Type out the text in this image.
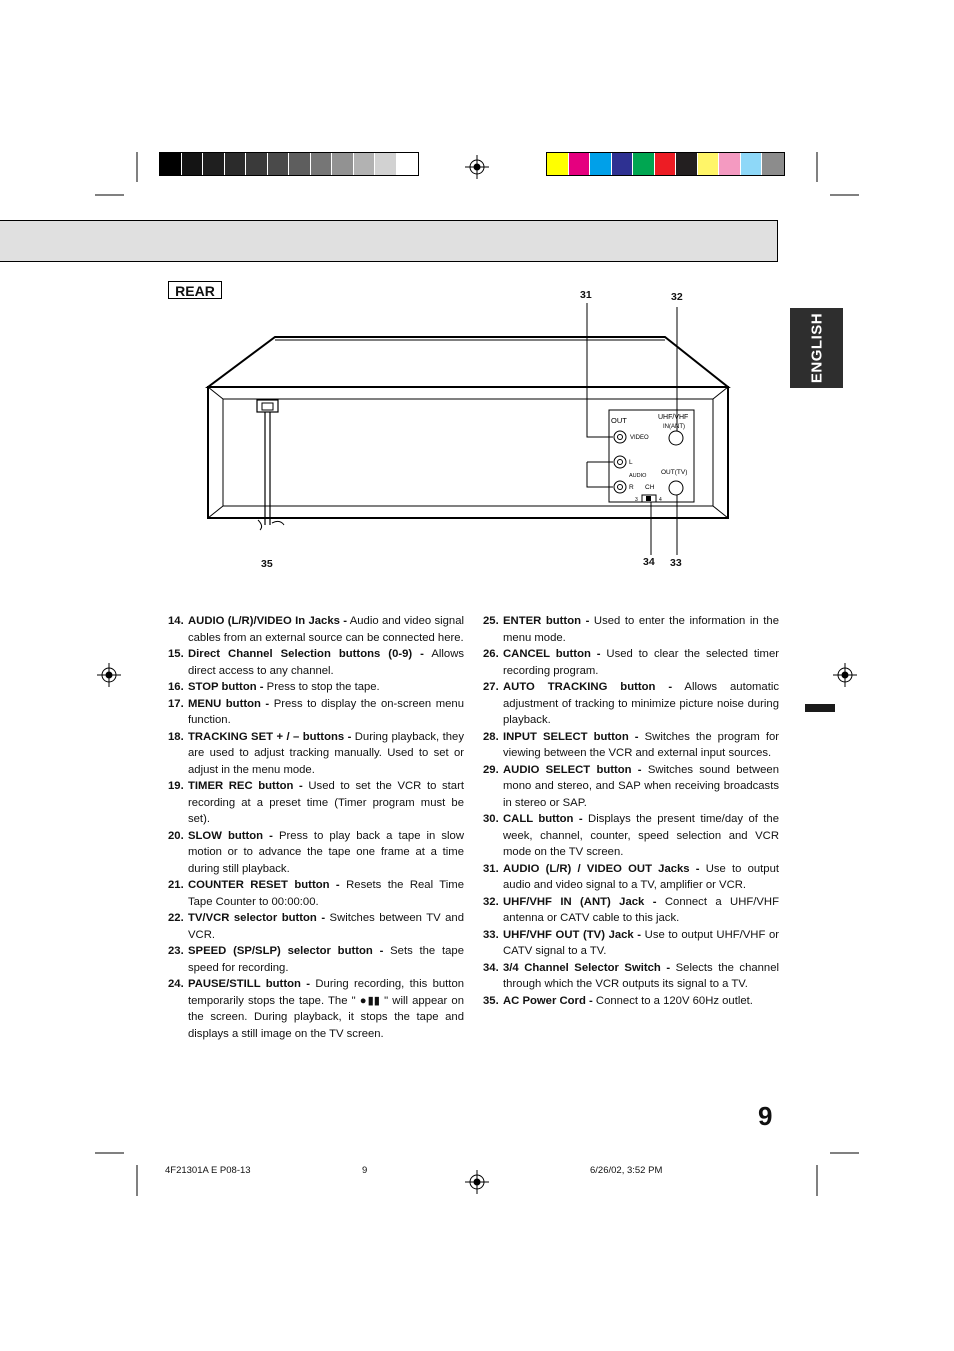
REAR
ENGLISH
OUT
VIDEO
L
AUDIO
R CH
UHF/VHF
IN(ANT)
OUT(TV)
3	4
31	32
34 33
35

14. AUDIO (L/R)/VIDEO In Jacks - Audio and video signal cables from an external source can be connected here.

15. Direct Channel Selection buttons (0-9) - Allows direct access to any channel.

16. STOP button - Press to stop the tape.

17. MENU button - Press to display the on-screen menu function.

18. TRACKING SET + / – buttons - During playback, they are used to adjust tracking manually. Used to set or adjust in the menu mode.

19. TIMER REC button - Used to set the VCR to start recording at a preset time (Timer program must be set).

20. SLOW button - Press to play back a tape in slow motion or to advance the tape one frame at a time during still playback.

21. COUNTER RESET button - Resets the Real Time Tape Counter to 00:00:00.

22. TV/VCR selector button - Switches between TV and VCR.

23. SPEED (SP/SLP) selector button - Sets the tape speed for recording.

24. PAUSE/STILL button - During recording, this button temporarily stops the tape. The " ●▮▮ " will appear on the screen. During playback, it stops the tape and displays a still image on the TV screen.

25. ENTER button - Used to enter the information in the menu mode.

26. CANCEL button - Used to clear the selected timer recording program.

27. AUTO TRACKING button - Allows automatic adjustment of tracking to minimize picture noise during playback.

28. INPUT SELECT button - Switches the program for viewing between the VCR and external input sources.

29. AUDIO SELECT button - Switches sound between mono and stereo, and SAP when receiving broadcasts in stereo or SAP.

30. CALL button - Displays the present time/day of the week, channel, counter, speed selection and VCR mode on the TV screen.

31. AUDIO (L/R) / VIDEO OUT Jacks - Use to output audio and video signal to a TV, amplifier or VCR.

32. UHF/VHF IN (ANT) Jack - Connect a UHF/VHF antenna or CATV cable to this jack.

33. UHF/VHF OUT (TV) Jack - Use to output UHF/VHF or CATV signal to a TV.

34. 3/4 Channel Selector Switch - Selects the channel through which the VCR outputs its signal to a TV.

35. AC Power Cord - Connect to a 120V 60Hz outlet.

9
4F21301A E P08-13	9	6/26/02, 3:52 PM
